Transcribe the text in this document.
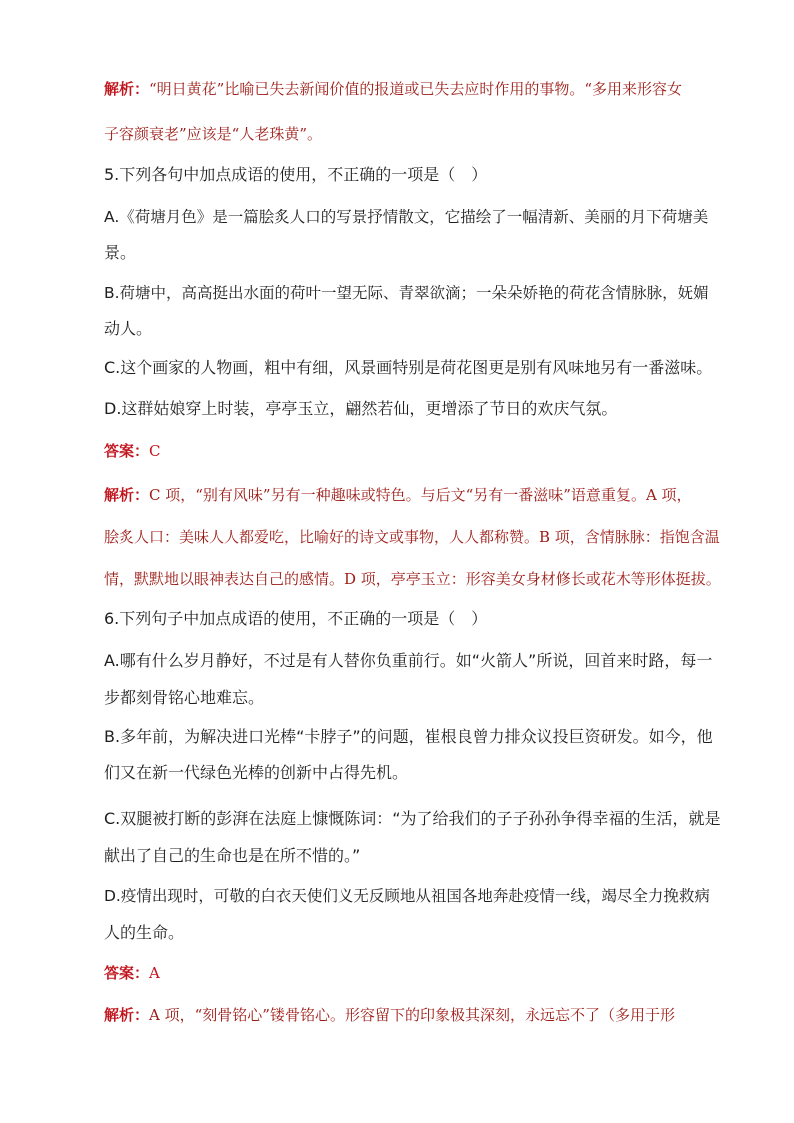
解析：“明日黄花”比喻已失去新闻价值的报道或已失去应时作用的事物。“多用来形容女
子容颜衰老”应该是“人老珠黄”。
5.下列各句中加点成语的使用，不正确的一项是（　）
A.《荷塘月色》是一篇脍炙人口的写景抒情散文，它描绘了一幅清新、美丽的月下荷塘美
景。
B.荷塘中，高高挺出水面的荷叶一望无际、青翠欲滴；一朵朵娇艳的荷花含情脉脉，妩媚
动人。
C.这个画家的人物画，粗中有细，风景画特别是荷花图更是别有风味地另有一番滋味。
D.这群姑娘穿上时装，亭亭玉立，翩然若仙，更增添了节日的欢庆气氛。
答案：C
解析：C 项，“别有风味”另有一种趣味或特色。与后文“另有一番滋味”语意重复。A 项，
脍炙人口：美味人人都爱吃，比喻好的诗文或事物，人人都称赞。B 项，含情脉脉：指饱含温
情，默默地以眼神表达自己的感情。D 项，亭亭玉立：形容美女身材修长或花木等形体挺拔。
6.下列句子中加点成语的使用，不正确的一项是（　）
A.哪有什么岁月静好，不过是有人替你负重前行。如“火箭人”所说，回首来时路，每一
步都刻骨铭心地难忘。
B.多年前，为解决进口光棒“卡脖子”的问题，崔根良曾力排众议投巨资研发。如今，他
们又在新一代绿色光棒的创新中占得先机。
C.双腿被打断的彭湃在法庭上慷慨陈词：“为了给我们的子子孙孙争得幸福的生活，就是
献出了自己的生命也是在所不惜的。”
D.疫情出现时，可敬的白衣天使们义无反顾地从祖国各地奔赴疫情一线，竭尽全力挽救病
人的生命。
答案：A
解析：A 项，“刻骨铭心”镂骨铭心。形容留下的印象极其深刻，永远忘不了（多用于形
